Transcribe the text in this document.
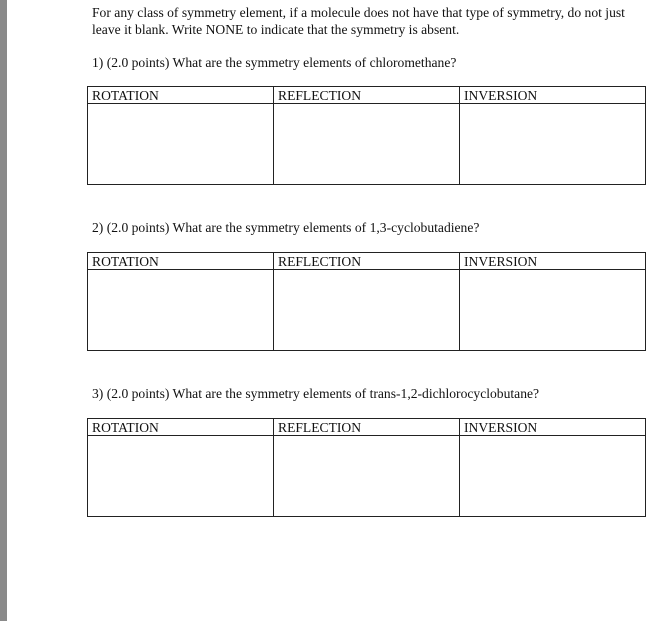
For any class of symmetry element, if a molecule does not have that type of symmetry, do not just leave it blank. Write NONE to indicate that the symmetry is absent.

1) (2.0 points) What are the symmetry elements of chloromethane?

ROTATION	REFLECTION	INVERSION

2) (2.0 points) What are the symmetry elements of 1,3-cyclobutadiene?

ROTATION	REFLECTION	INVERSION

3) (2.0 points) What are the symmetry elements of trans-1,2-dichlorocyclobutane?

ROTATION	REFLECTION	INVERSION
